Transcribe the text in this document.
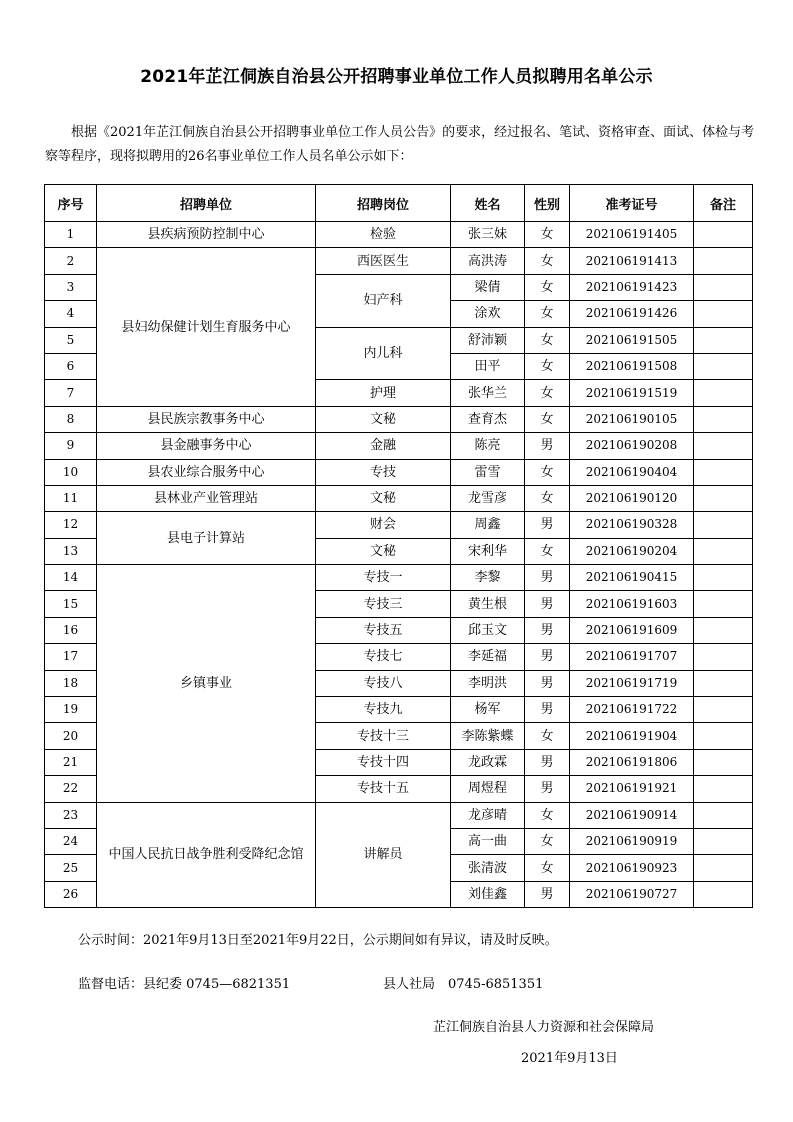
2021年芷江侗族自治县公开招聘事业单位工作人员拟聘用名单公示
根据《2021年芷江侗族自治县公开招聘事业单位工作人员公告》的要求，经过报名、笔试、资格审查、面试、体检与考察等程序，现将拟聘用的26名事业单位工作人员名单公示如下：
序号	招聘单位	招聘岗位	姓名	性别	准考证号	备注
1	县疾病预防控制中心	检验	张三妹	女	202106191405	
2	县妇幼保健计划生育服务中心	西医医生	高洪涛	女	202106191413	
3		妇产科	梁倩	女	202106191423	
4			涂欢	女	202106191426	
5		内儿科	舒沛颖	女	202106191505	
6			田平	女	202106191508	
7		护理	张华兰	女	202106191519	
8	县民族宗教事务中心	文秘	查育杰	女	202106190105	
9	县金融事务中心	金融	陈亮	男	202106190208	
10	县农业综合服务中心	专技	雷雪	女	202106190404	
11	县林业产业管理站	文秘	龙雪彦	女	202106190120	
12	县电子计算站	财会	周鑫	男	202106190328	
13		文秘	宋利华	女	202106190204	
14	乡镇事业	专技一	李黎	男	202106190415	
15		专技三	黄生根	男	202106191603	
16		专技五	邱玉文	男	202106191609	
17		专技七	李延福	男	202106191707	
18		专技八	李明洪	男	202106191719	
19		专技九	杨军	男	202106191722	
20		专技十三	李陈紫蝶	女	202106191904	
21		专技十四	龙政霖	男	202106191806	
22		专技十五	周煜程	男	202106191921	
23	中国人民抗日战争胜利受降纪念馆	讲解员	龙彦晴	女	202106190914	
24			高一曲	女	202106190919	
25			张清波	女	202106190923	
26			刘佳鑫	男	202106190727	
公示时间：2021年9月13日至2021年9月22日，公示期间如有异议，请及时反映。
监督电话：县纪委 0745—6821351	县人社局　0745-6851351
芷江侗族自治县人力资源和社会保障局
2021年9月13日
